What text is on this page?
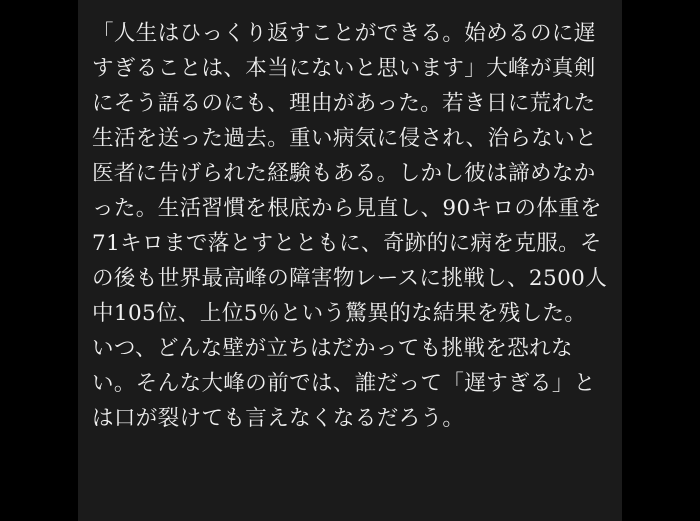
「人生はひっくり返すことができる。始めるのに遅すぎることは、本当にないと思います」大峰が真剣にそう語るのにも、理由があった。若き日に荒れた生活を送った過去。重い病気に侵され、治らないと医者に告げられた経験もある。しかし彼は諦めなかった。生活習慣を根底から見直し、90キロの体重を71キロまで落とすとともに、奇跡的に病を克服。その後も世界最高峰の障害物レースに挑戦し、2500人中105位、上位5％という驚異的な結果を残した。いつ、どんな壁が立ちはだかっても挑戦を恐れない。そんな大峰の前では、誰だって「遅すぎる」とは口が裂けても言えなくなるだろう。
